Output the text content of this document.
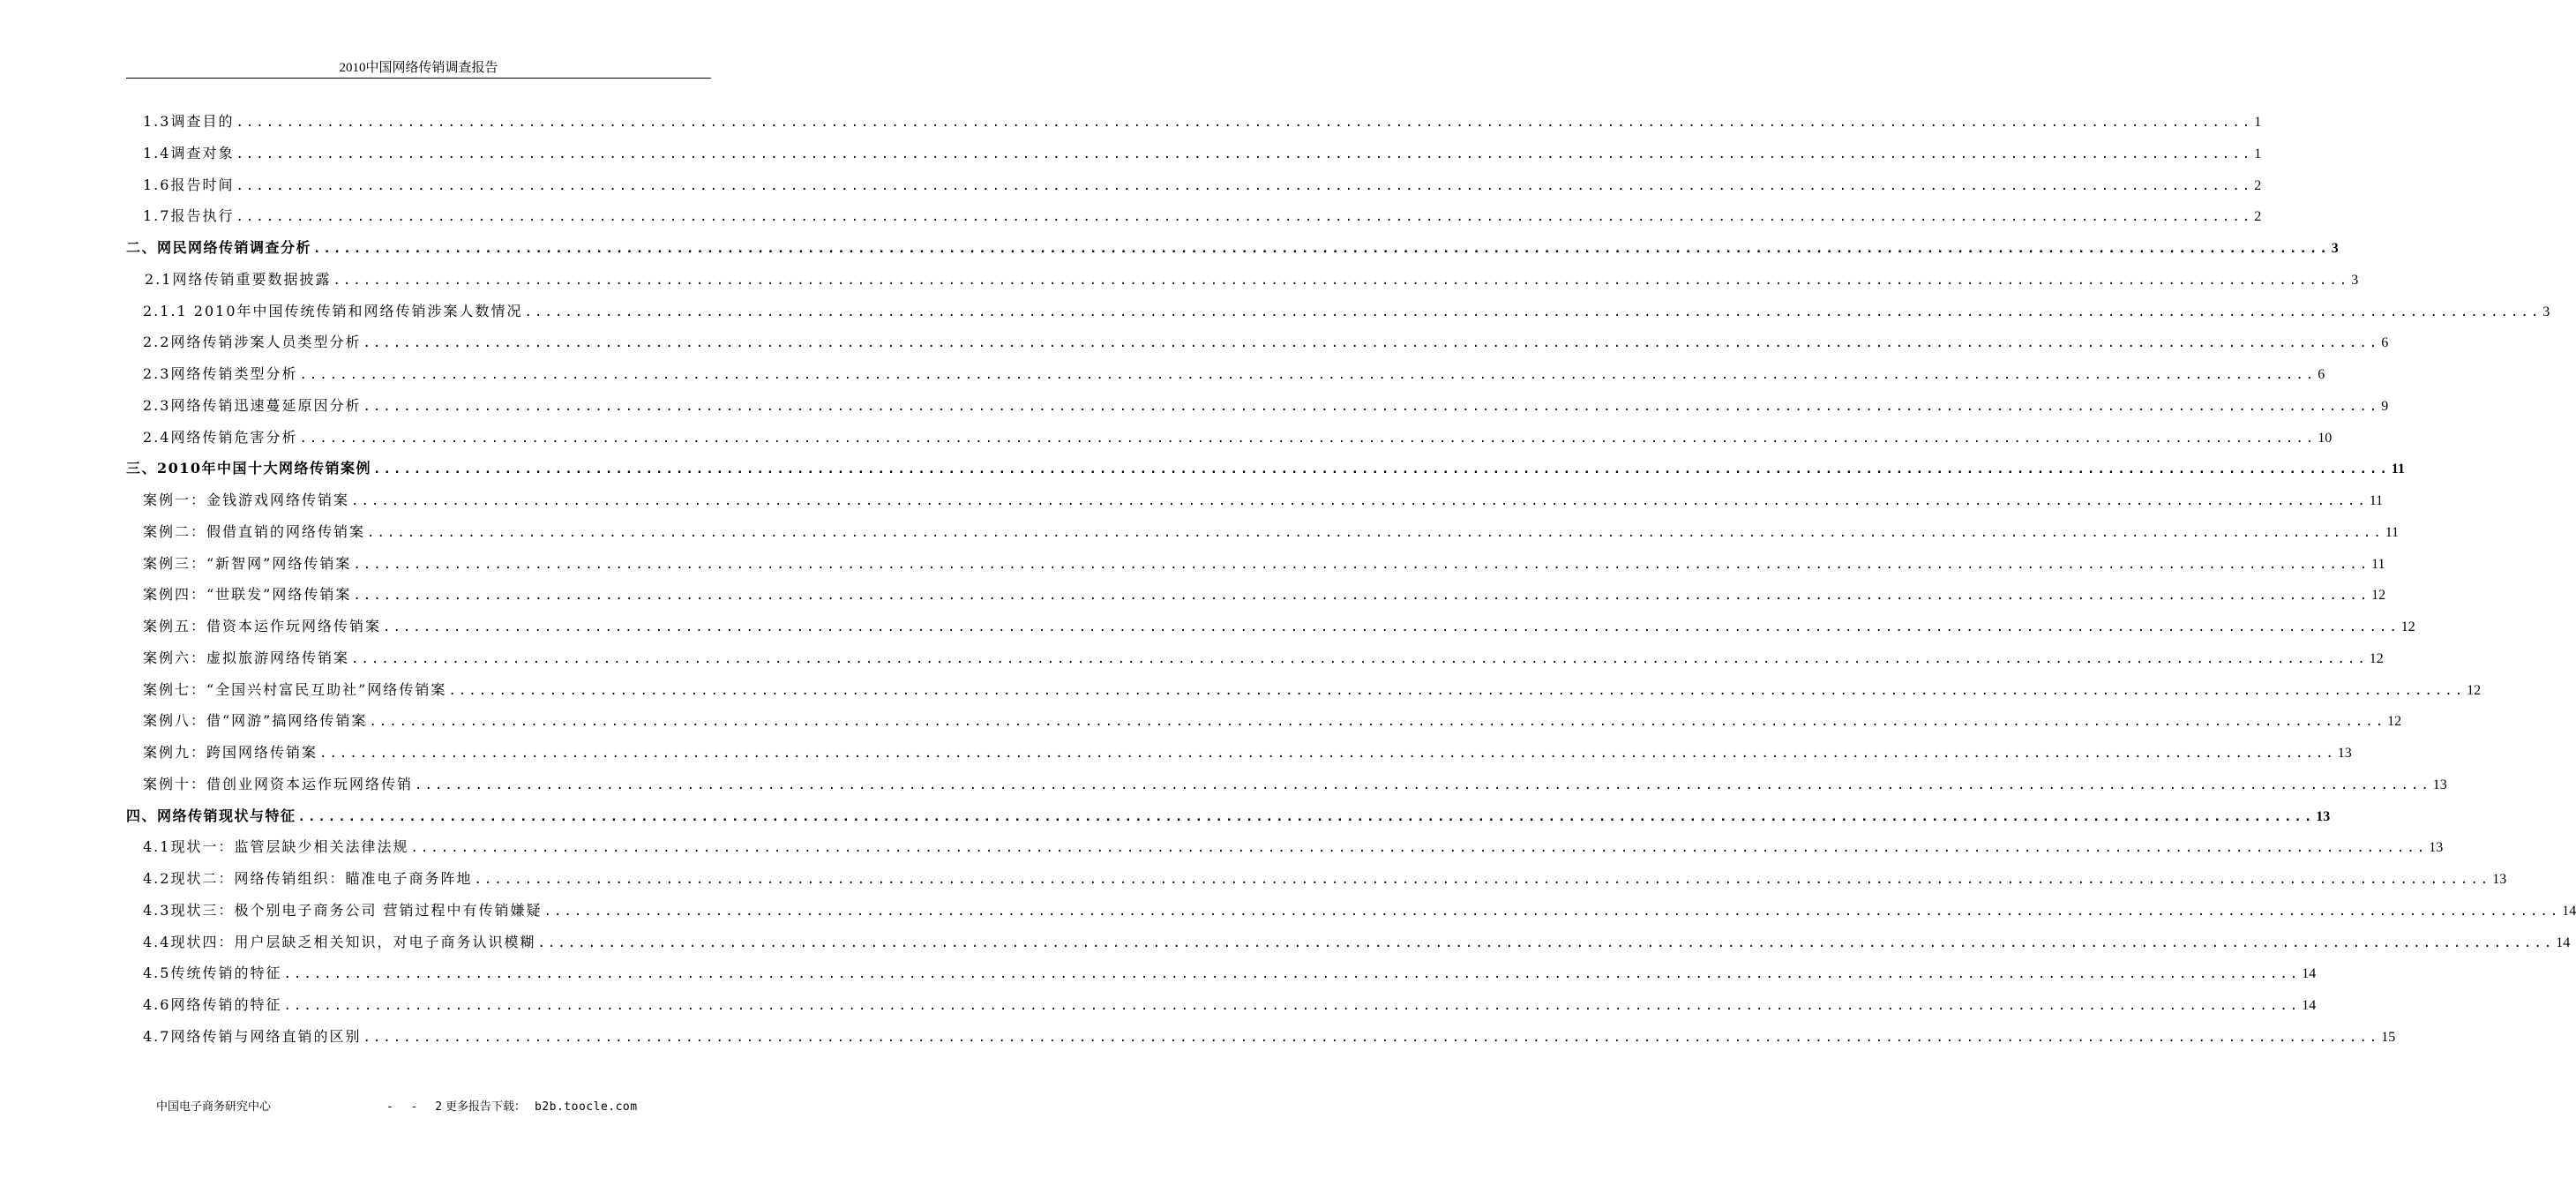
2010中国网络传销调查报告
1.3调查目的 ........................................................................................................................................................................................................ 1
1.4调查对象 ........................................................................................................................................................................................................ 1
1.6报告时间 ........................................................................................................................................................................................................ 2
1.7报告执行 ........................................................................................................................................................................................................ 2
二、网民网络传销调查分析 ........................................................................................................................................................................................................ 3
2.1网络传销重要数据披露 ........................................................................................................................................................................................................ 3
2.1.1 2010年中国传统传销和网络传销涉案人数情况 ........................................................................................................................................................................................................ 3
2.2网络传销涉案人员类型分析 ........................................................................................................................................................................................................ 6
2.3网络传销类型分析 ........................................................................................................................................................................................................ 6
2.3网络传销迅速蔓延原因分析 ........................................................................................................................................................................................................ 9
2.4网络传销危害分析 ........................................................................................................................................................................................................ 10
三、2010年中国十大网络传销案例 ........................................................................................................................................................................................................ 11
案例一：金钱游戏网络传销案 ........................................................................................................................................................................................................ 11
案例二：假借直销的网络传销案 ........................................................................................................................................................................................................ 11
案例三：“新智网”网络传销案 ........................................................................................................................................................................................................ 11
案例四：“世联发”网络传销案 ........................................................................................................................................................................................................ 12
案例五：借资本运作玩网络传销案 ........................................................................................................................................................................................................ 12
案例六：虚拟旅游网络传销案 ........................................................................................................................................................................................................ 12
案例七：“全国兴村富民互助社”网络传销案 ........................................................................................................................................................................................................ 12
案例八：借“网游”搞网络传销案 ........................................................................................................................................................................................................ 12
案例九：跨国网络传销案 ........................................................................................................................................................................................................ 13
案例十：借创业网资本运作玩网络传销 ........................................................................................................................................................................................................ 13
四、网络传销现状与特征 ........................................................................................................................................................................................................ 13
4.1现状一：监管层缺少相关法律法规 ........................................................................................................................................................................................................ 13
4.2现状二：网络传销组织：瞄准电子商务阵地 ........................................................................................................................................................................................................ 13
4.3现状三：极个别电子商务公司 营销过程中有传销嫌疑 ........................................................................................................................................................................................................ 14
4.4现状四：用户层缺乏相关知识，对电子商务认识模糊 ........................................................................................................................................................................................................ 14
4.5传统传销的特征 ........................................................................................................................................................................................................ 14
4.6网络传销的特征 ........................................................................................................................................................................................................ 14
4.7网络传销与网络直销的区别 ........................................................................................................................................................................................................ 15
中国电子商务研究中心	- - 2
更多报告下载： b2b.toocle.com
